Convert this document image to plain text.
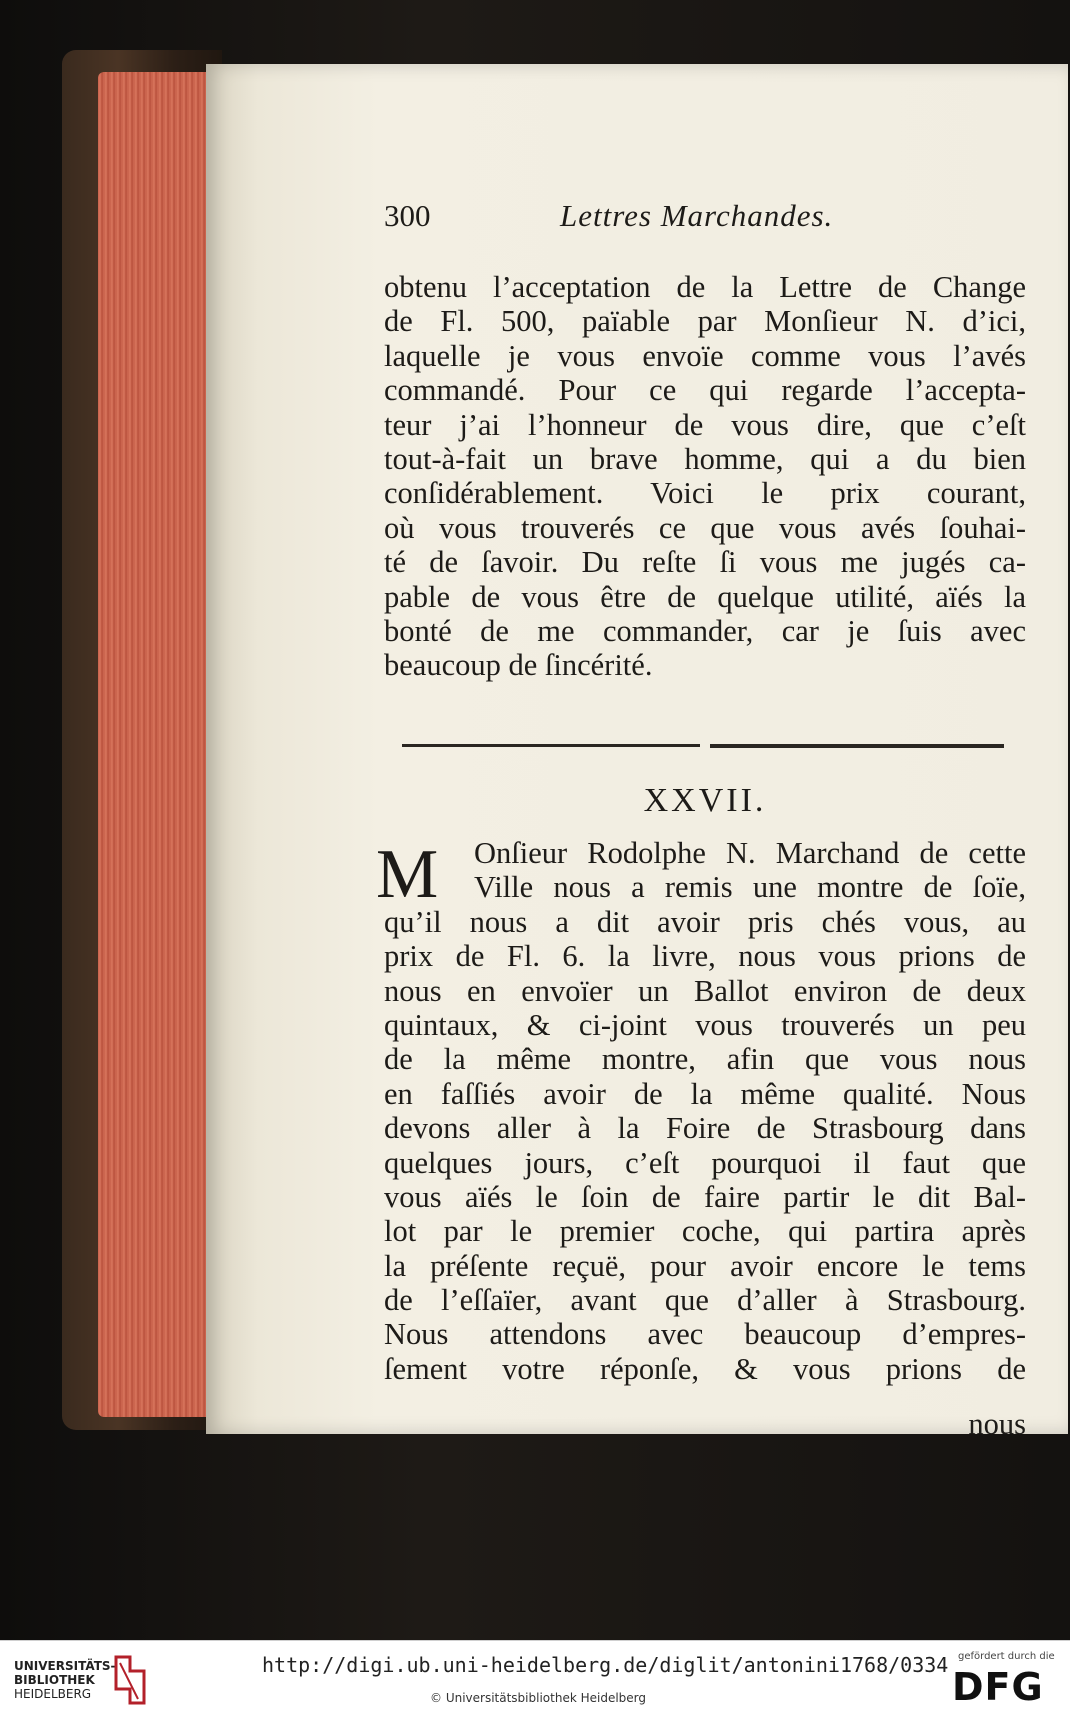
300	Lettres Marchandes.
obtenu l’acceptation de la Lettre de Change
de Fl. 500, païable par Monſieur N. d’ici,
laquelle je vous envoïe comme vous l’avés
commandé. Pour ce qui regarde l’accepta-
teur j’ai l’honneur de vous dire, que c’eſt
tout-à-fait un brave homme, qui a du bien
conſidérablement. Voici le prix courant,
où vous trouverés ce que vous avés ſouhai-
té de ſavoir. Du reſte ſi vous me jugés ca-
pable de vous être de quelque utilité, aïés la
bonté de me commander, car je ſuis avec
beaucoup de ſincérité.
XXVII.
M	Onſieur Rodolphe N. Marchand de cette
Ville nous a remis une montre de ſoïe,
qu’il nous a dit avoir pris chés vous, au
prix de Fl. 6. la livre, nous vous prions de
nous en envoïer un Ballot environ de deux
quintaux, & ci-joint vous trouverés un peu
de la même montre, afin que vous nous
en faſſiés avoir de la même qualité. Nous
devons aller à la Foire de Strasbourg dans
quelques jours, c’eſt pourquoi il faut que
vous aïés le ſoin de faire partir le dit Bal-
lot par le premier coche, qui partira après
la préſente reçuë, pour avoir encore le tems
de l’eſſaïer, avant que d’aller à Strasbourg.
Nous attendons avec beaucoup d’empres-
ſement votre réponſe, & vous prions de
nous
UNIVERSITÄTS-
BIBLIOTHEK
HEIDELBERG
http://digi.ub.uni-heidelberg.de/diglit/antonini1768/0334
© Universitätsbibliothek Heidelberg
gefördert durch die
DFG
